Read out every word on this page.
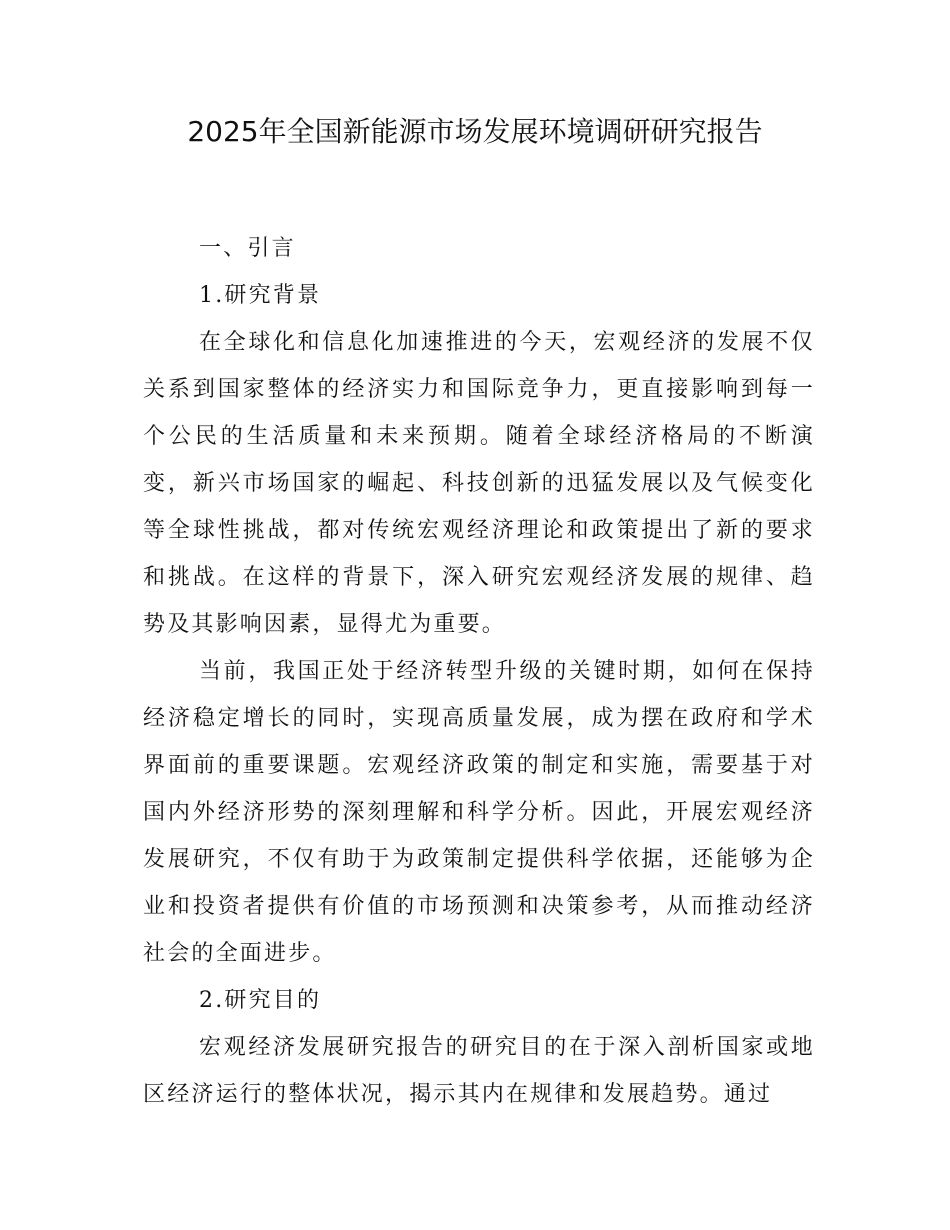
2025年全国新能源市场发展环境调研研究报告
一、引言
1.研究背景

在全球化和信息化加速推进的今天，宏观经济的发展不仅关系到国家整体的经济实力和国际竞争力，更直接影响到每一个公民的生活质量和未来预期。随着全球经济格局的不断演变，新兴市场国家的崛起、科技创新的迅猛发展以及气候变化等全球性挑战，都对传统宏观经济理论和政策提出了新的要求和挑战。在这样的背景下，深入研究宏观经济发展的规律、趋势及其影响因素，显得尤为重要。

当前，我国正处于经济转型升级的关键时期，如何在保持经济稳定增长的同时，实现高质量发展，成为摆在政府和学术界面前的重要课题。宏观经济政策的制定和实施，需要基于对国内外经济形势的深刻理解和科学分析。因此，开展宏观经济发展研究，不仅有助于为政策制定提供科学依据，还能够为企业和投资者提供有价值的市场预测和决策参考，从而推动经济社会的全面进步。

2.研究目的

宏观经济发展研究报告的研究目的在于深入剖析国家或地区经济运行的整体状况，揭示其内在规律和发展趋势。通过
